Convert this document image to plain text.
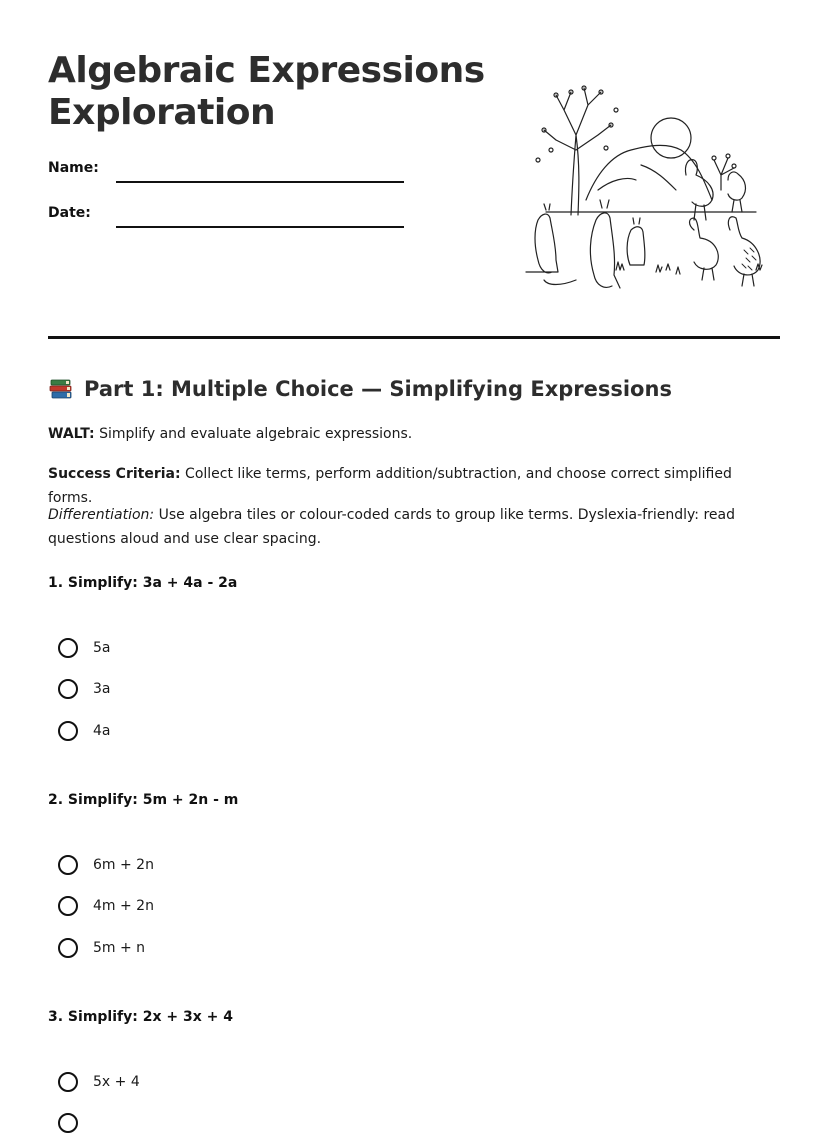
Algebraic Expressions
Exploration
Name:
Date:
Part 1: Multiple Choice — Simplifying Expressions

WALT: Simplify and evaluate algebraic expressions.

Success Criteria: Collect like terms, perform addition/subtraction, and choose correct simplified forms.

Differentiation: Use algebra tiles or colour-coded cards to group like terms. Dyslexia-friendly: read questions aloud and use clear spacing.

1. Simplify: 3a + 4a - 2a

5a
3a
4a

2. Simplify: 5m + 2n - m

6m + 2n
4m + 2n
5m + n

3. Simplify: 2x + 3x + 4

5x + 4
